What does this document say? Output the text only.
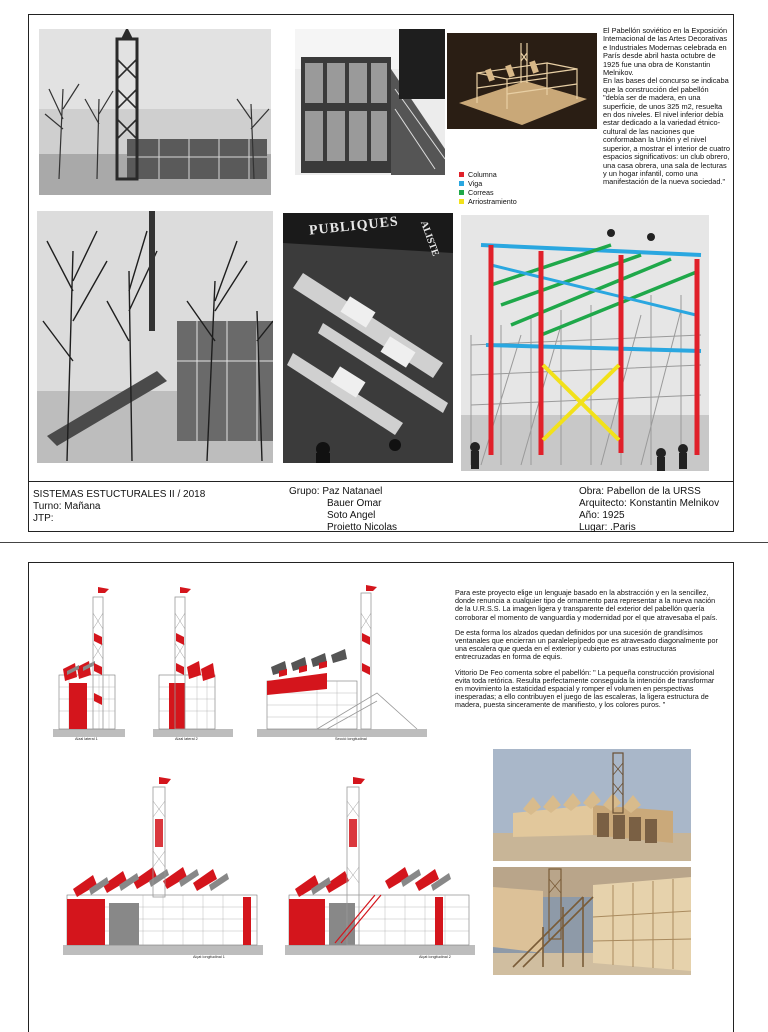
El Pabellón soviético en la Exposición Internacional de las Artes Decorativas e Industriales Modernas celebrada en París desde abril hasta octubre de 1925 fue una obra de Konstantin Melnikov.
En las bases del concurso se indicaba que la construcción del pabellón "debía ser de madera, en una superficie, de unos 325 m2, resuelta en dos niveles. El nivel inferior debía estar dedicado a la variedad étnico-cultural de las naciones que conformaban la Unión y el nivel superior, a mostrar el interior de cuatro espacios significativos: un club obrero, una casa obrera, una sala de lecturas y un hogar infantil, como una manifestación de la nueva sociedad."
Columna
Viga
Correas
Arriostramiento
PUBLIQUES ALISTE
SISTEMAS ESTUCTURALES II / 2018
Turno: Mañana
JTP:
Grupo: Paz Natanael
Bauer Omar
Soto Angel
Proietto Nicolas
Obra: Pabellon de la URSS
Arquitecto: Konstantin Melnikov
Año: 1925
Lugar: .Paris
Alzal lateral 1	Alzal lateral 2	Secció longitudinal

Para este proyecto elige un lenguaje basado en la abstracción y en la sencillez, donde renuncia a cualquier tipo de ornamento para representar a la nueva nación de la U.R.S.S. La imagen ligera y transparente del exterior del pabellón quería corroborar el momento de vanguardia y modernidad por el que atravesaba el país.

De esta forma los alzados quedan definidos por una sucesión de grandísimos ventanales que encierran un paralelepípedo que es atravesado diagonalmente por una escalera que queda en el exterior y cubierto por unas estructuras entrecruzadas en forma de equis.

Vittorio De Feo comenta sobre el pabellón: " La pequeña construcción provisional evita toda retórica. Resulta perfectamente conseguida la intención de transformar en movimiento la estaticidad espacial y romper el volumen en perspectivas inesperadas; a ello contribuyen el juego de las escaleras, la ligera estructura de madera, puesta sinceramente de manifiesto, y los colores puros. "

Alçat longitudinal 1	Alçat longitudinal 2
